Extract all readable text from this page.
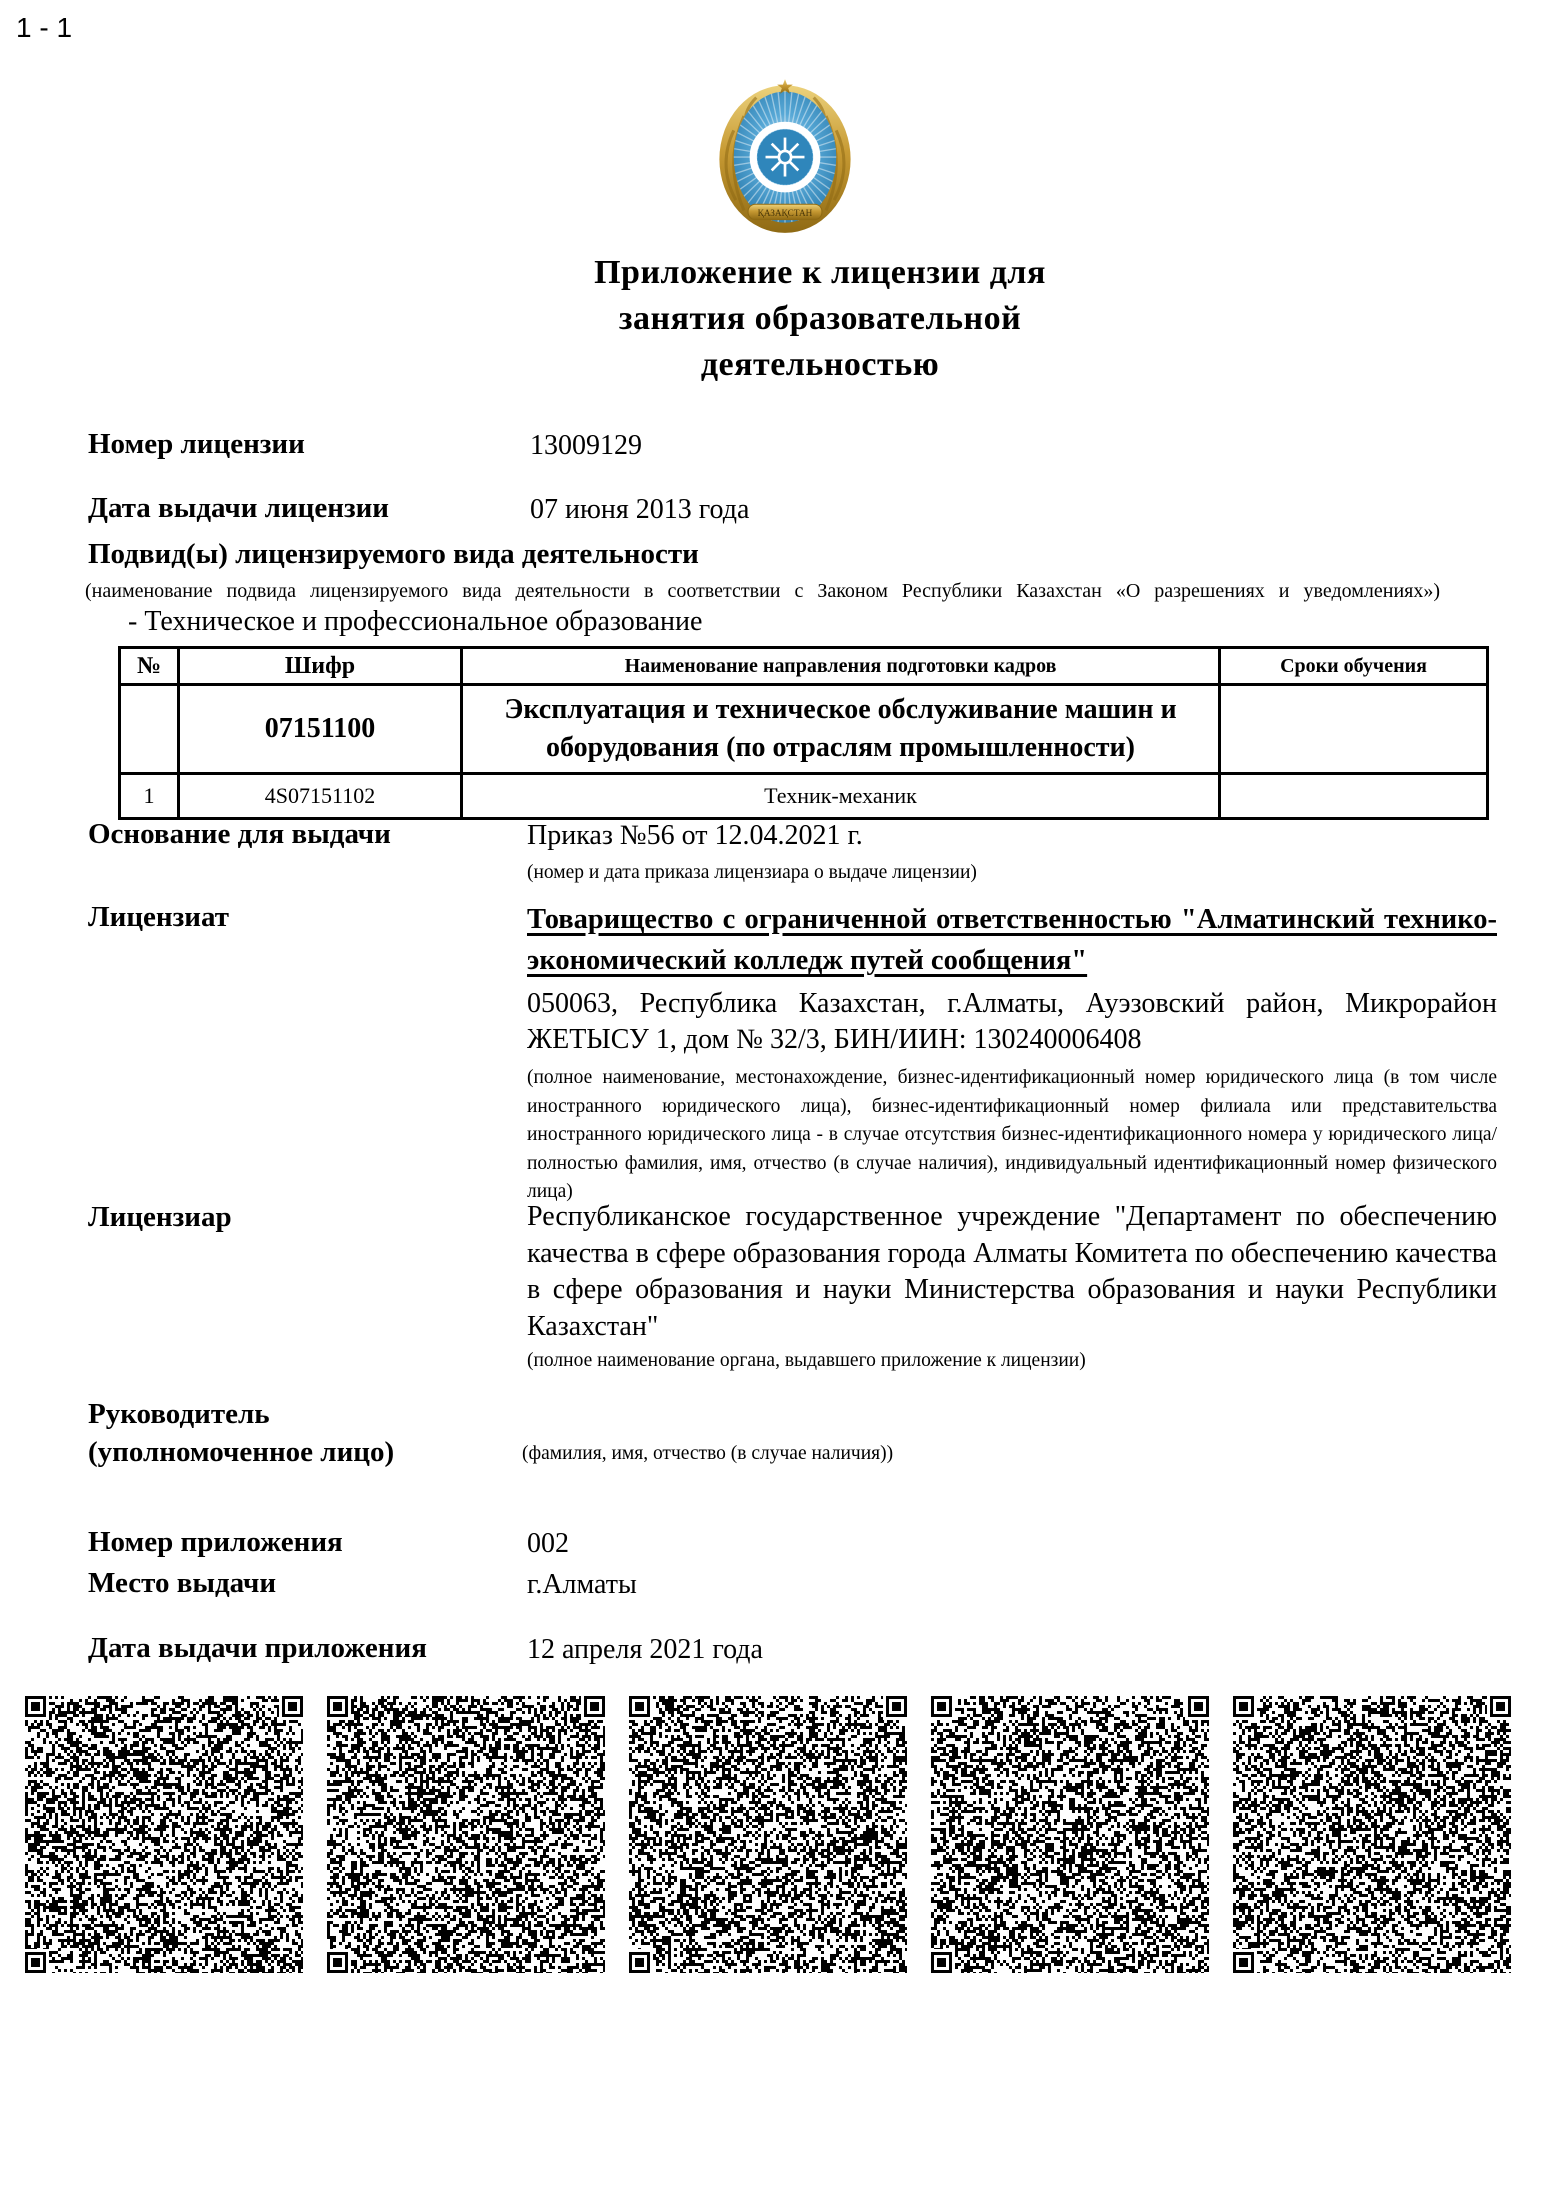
1 - 1
ҚАЗАҚСТАН
Приложение к лицензии для
занятия образовательной
деятельностью
Номер лицензии	13009129
Дата выдачи лицензии	07 июня 2013 года
Подвид(ы) лицензируемого вида деятельности
(наименование подвида лицензируемого вида деятельности в соответствии с Законом Республики Казахстан «О разрешениях и уведомлениях»)
- Техническое и профессиональное образование
№	Шифр	Наименование направления подготовки кадров	Сроки обучения
	07151100	Эксплуатация и техническое обслуживание машин и оборудования (по отраслям промышленности)	
1	4S07151102	Техник-механик	
Основание для выдачи	Приказ №56 от 12.04.2021 г.
(номер и дата приказа лицензиара о выдаче лицензии)
Лицензиат	Товарищество с ограниченной ответственностью "Алматинский технико-экономический колледж путей сообщения"
050063, Республика Казахстан, г.Алматы, Ауэзовский район, Микрорайон ЖЕТЫСУ 1, дом № 32/3, БИН/ИИН: 130240006408
(полное наименование, местонахождение, бизнес-идентификационный номер юридического лица (в том числе иностранного юридического лица), бизнес-идентификационный номер филиала или представительства иностранного юридического лица - в случае отсутствия бизнес-идентификационного номера у юридического лица/полностью фамилия, имя, отчество (в случае наличия), индивидуальный идентификационный номер физического лица)
Лицензиар	Республиканское государственное учреждение "Департамент по обеспечению качества в сфере образования города Алматы Комитета по обеспечению качества в сфере образования и науки Министерства образования и науки Республики Казахстан"
(полное наименование органа, выдавшего приложение к лицензии)
Руководитель
(уполномоченное лицо)	(фамилия, имя, отчество (в случае наличия))
Номер приложения	002
Место выдачи	г.Алматы
Дата выдачи приложения	12 апреля 2021 года
